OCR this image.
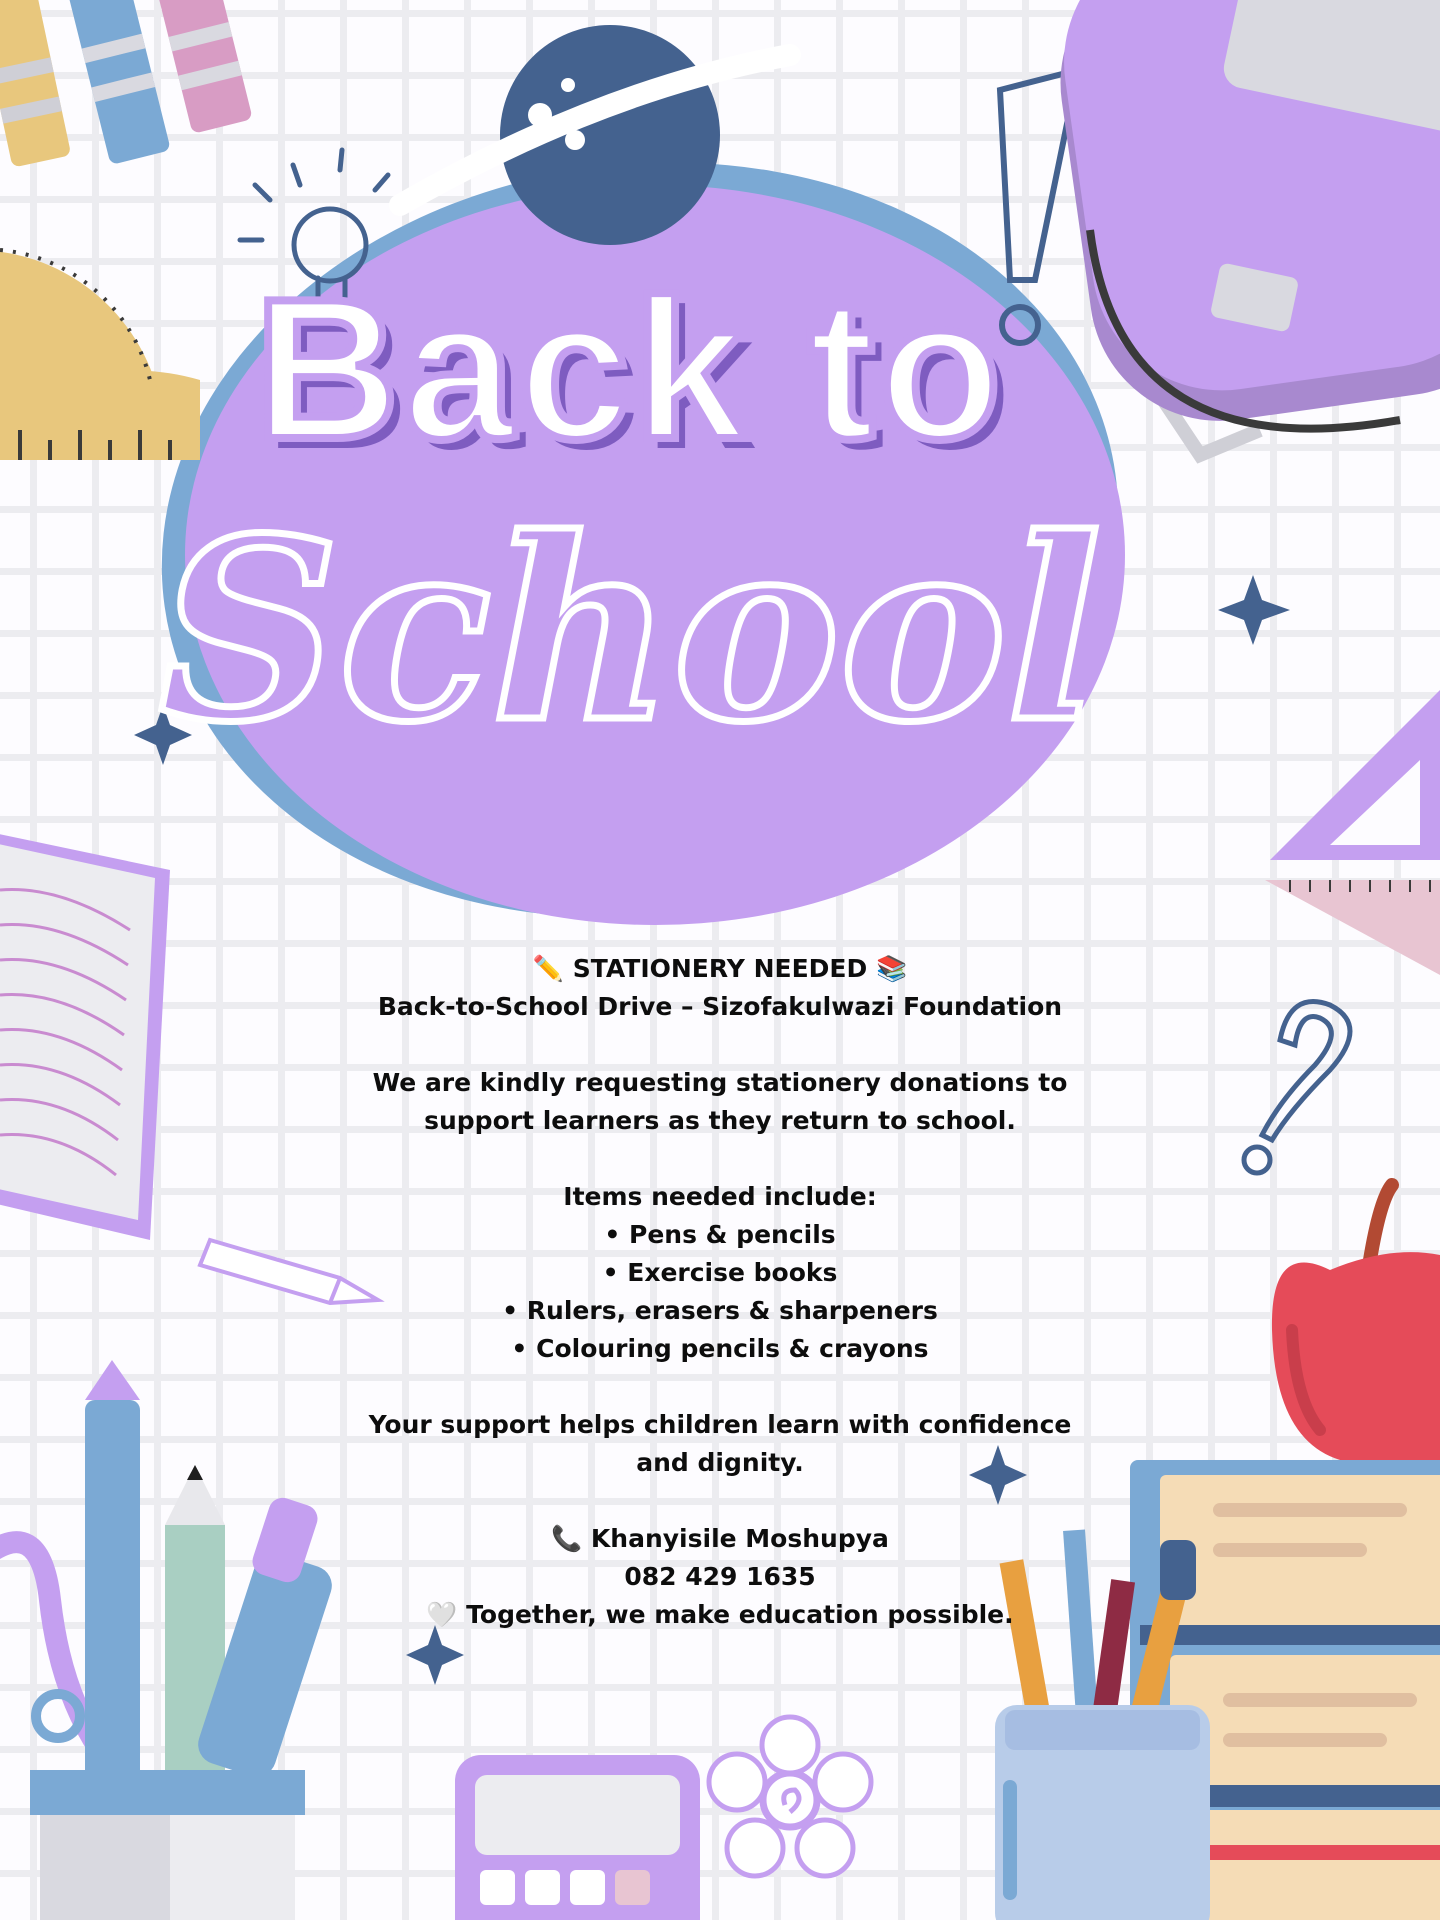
Back to
School

✏️ STATIONERY NEEDED 📚

Back-to-School Drive – Sizofakulwazi Foundation

We are kindly requesting stationery donations to

support learners as they return to school.

Items needed include:

• Pens & pencils

• Exercise books

• Rulers, erasers & sharpeners

• Colouring pencils & crayons

Your support helps children learn with confidence

and dignity.

📞 Khanyisile Moshupya

082 429 1635

🤍 Together, we make education possible.
